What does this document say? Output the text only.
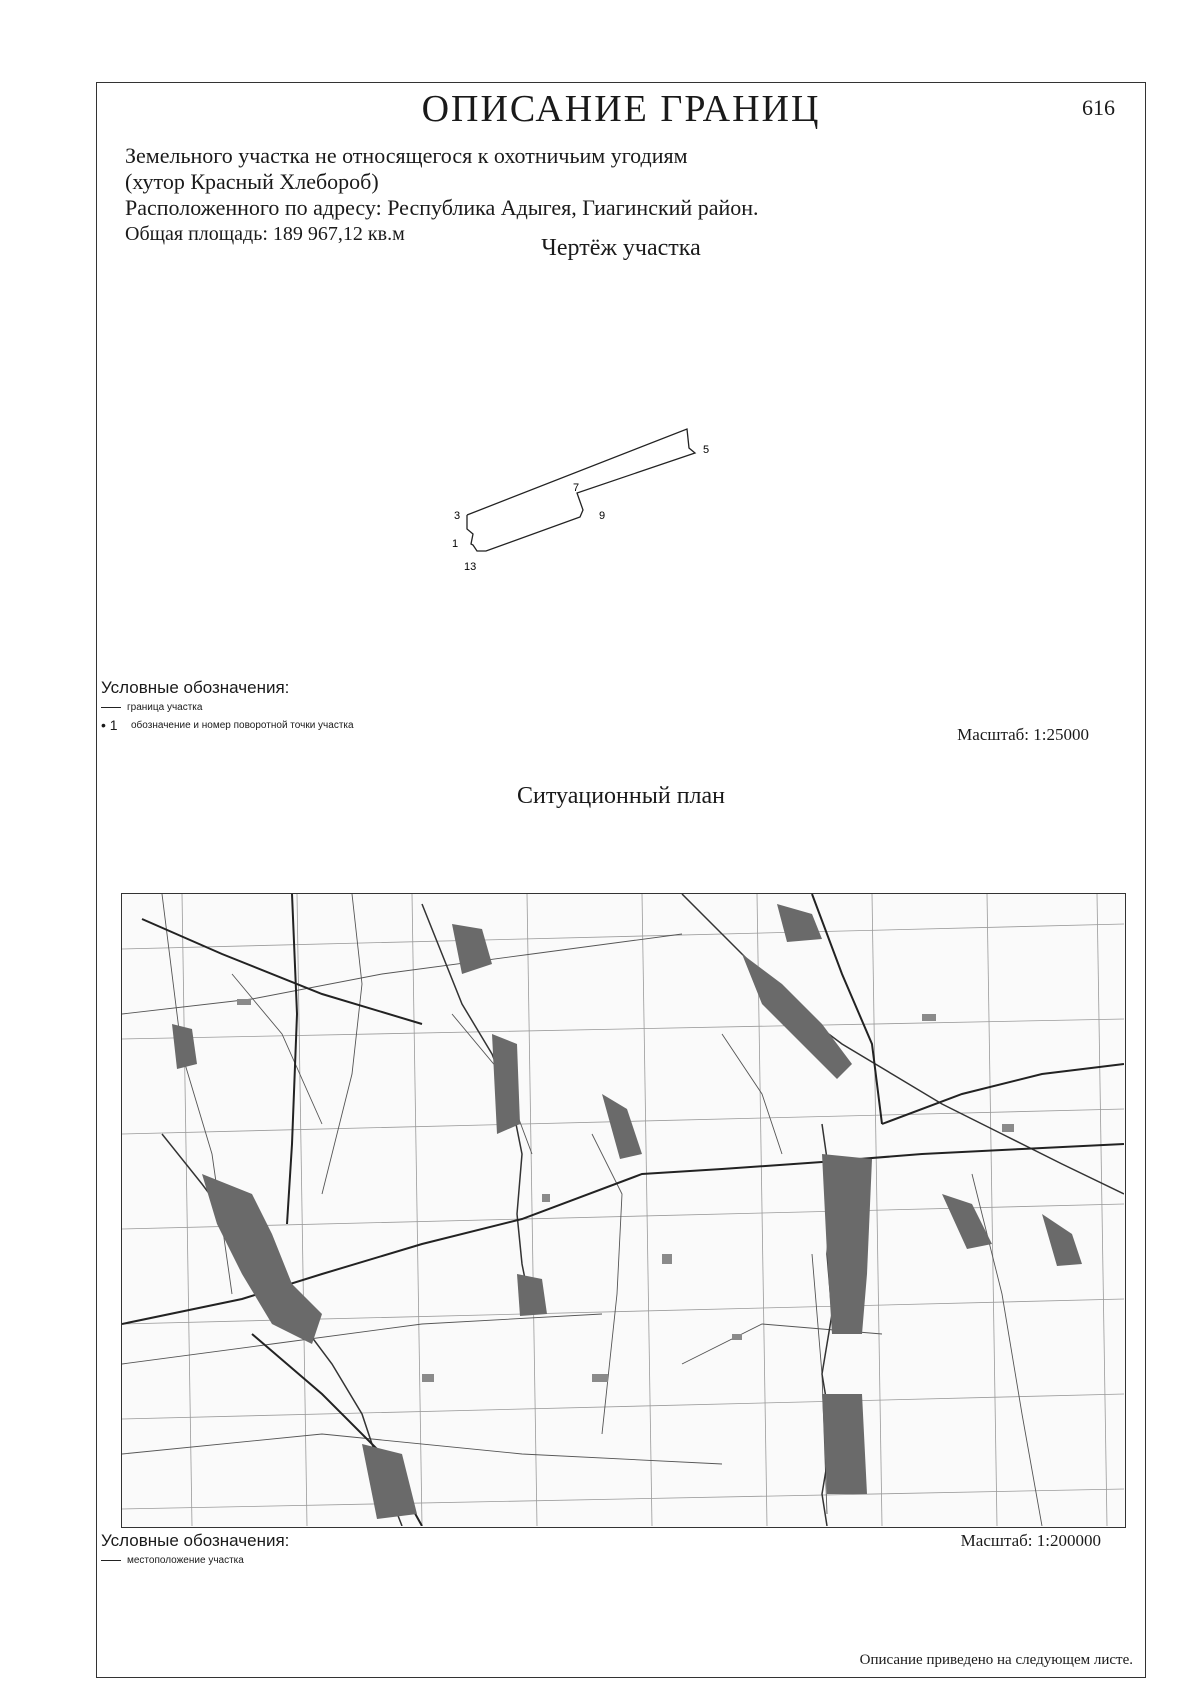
ОПИСАНИЕ ГРАНИЦ	616
Земельного участка не относящегося к охотничьим угодиям
(хутор Красный Хлебороб)
Расположенного по адресу: Республика Адыгея, Гиагинский район.
Общая площадь: 189 967,12 кв.м
Чертёж участка
5
7
9
3
1
13
Условные обозначения:
граница участка
• 1	обозначение и номер поворотной точки участка	Масштаб: 1:25000
Ситуационный план
Условные обозначения:
местоположение участка
Масштаб: 1:200000
Описание приведено на следующем листе.
